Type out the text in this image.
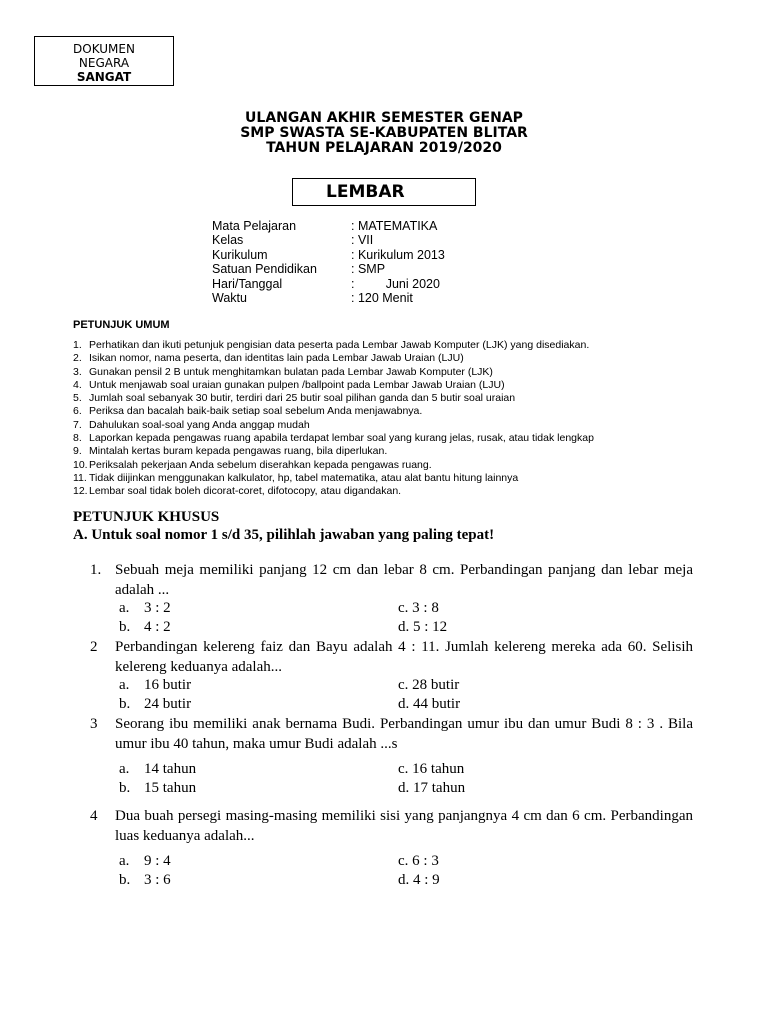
DOKUMEN
NEGARA
SANGAT
ULANGAN AKHIR SEMESTER GENAP
SMP SWASTA SE-KABUPATEN BLITAR
TAHUN PELAJARAN 2019/2020
LEMBAR
Mata Pelajaran	: MATEMATIKA
Kelas	: VII
Kurikulum	: Kurikulum 2013
Satuan Pendidikan	: SMP
Hari/Tanggal	:         Juni 2020
Waktu	: 120 Menit
PETUNJUK UMUM
1. Perhatikan dan ikuti petunjuk pengisian data peserta pada Lembar Jawab Komputer (LJK) yang disediakan.
2. Isikan nomor, nama peserta, dan identitas lain pada Lembar Jawab Uraian (LJU)
3. Gunakan pensil 2 B untuk menghitamkan bulatan pada Lembar Jawab Komputer (LJK)
4. Untuk menjawab soal uraian gunakan pulpen /ballpoint pada Lembar Jawab Uraian (LJU)
5. Jumlah soal sebanyak 30 butir, terdiri dari 25 butir soal pilihan ganda dan 5 butir soal uraian
6. Periksa dan bacalah baik-baik setiap soal sebelum Anda menjawabnya.
7. Dahulukan soal-soal yang Anda anggap mudah
8. Laporkan kepada pengawas ruang apabila terdapat lembar soal yang kurang jelas, rusak, atau tidak lengkap
9. Mintalah kertas buram kepada pengawas ruang, bila diperlukan.
10. Periksalah pekerjaan Anda sebelum diserahkan kepada pengawas ruang.
11. Tidak diijinkan menggunakan kalkulator, hp, tabel matematika, atau alat bantu hitung lainnya
12. Lembar soal tidak boleh dicorat-coret, difotocopy, atau digandakan.
PETUNJUK KHUSUS
A. Untuk soal nomor 1 s/d 35, pilihlah jawaban yang paling tepat!
1. Sebuah meja memiliki panjang 12 cm dan lebar 8 cm. Perbandingan panjang dan lebar meja adalah ...
a. 3 : 2
b. 4 : 2
c.
3 : 8
d.
5 : 12
2	Perbandingan kelereng faiz dan Bayu adalah 4 : 11. Jumlah kelereng mereka ada 60. Selisih kelereng keduanya adalah...
a. 16 butir
b. 24 butir
c.
28 butir
d.
44 butir
3	Seorang ibu memiliki anak bernama Budi. Perbandingan umur ibu dan umur Budi 8 : 3 . Bila umur ibu 40 tahun, maka umur Budi adalah ...s
a. 14 tahun
b. 15 tahun
c.
16 tahun
d.
17 tahun
4	Dua buah persegi masing-masing memiliki sisi yang panjangnya 4 cm dan 6 cm. Perbandingan luas keduanya adalah...
a. 9 : 4
b. 3 : 6
c.
6 : 3
d.
4 : 9
